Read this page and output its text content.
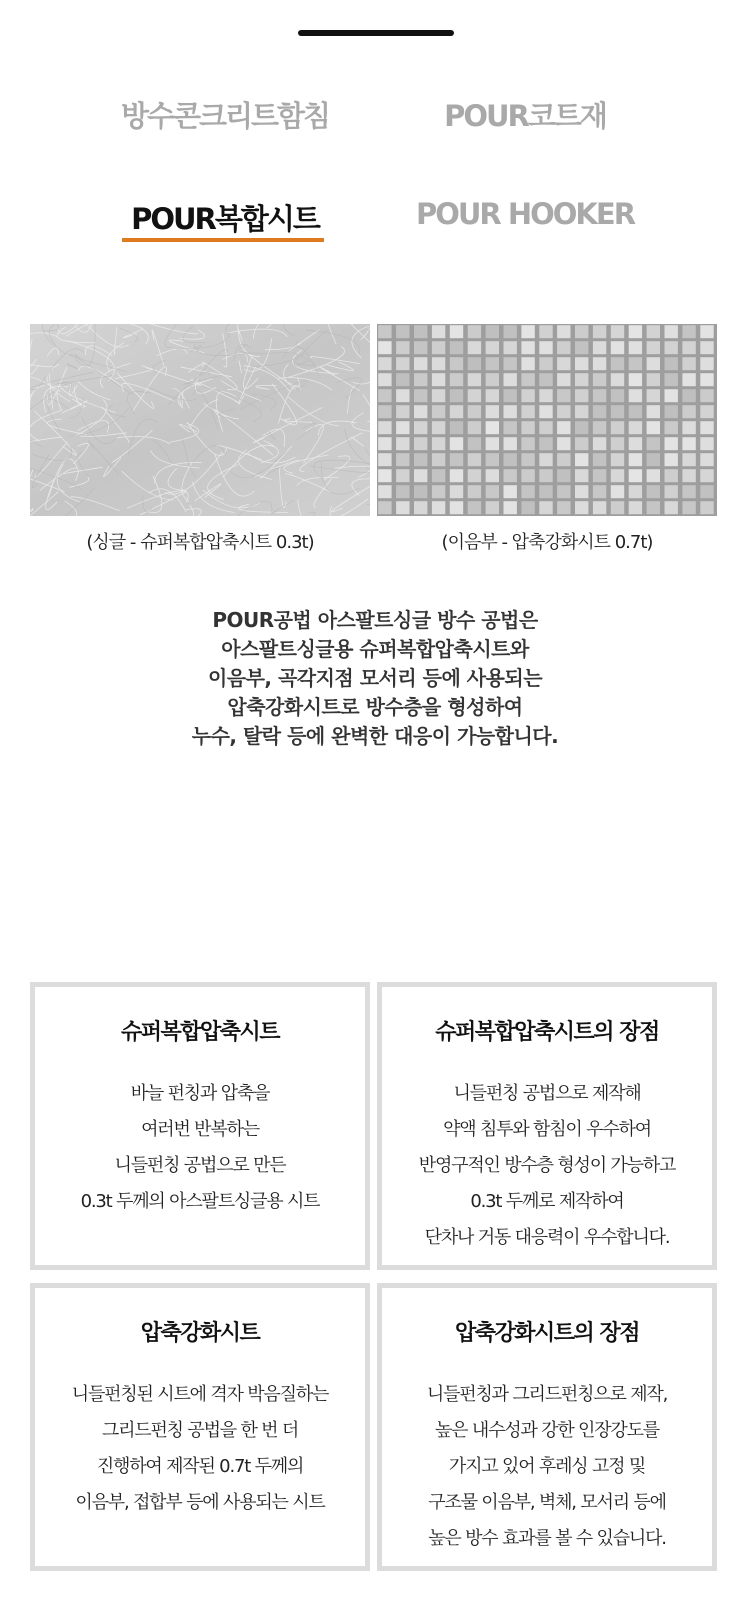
방수콘크리트함침	POUR코트재
POUR복합시트	POUR HOOKER
(싱글 - 슈퍼복합압축시트 0.3t)	(이음부 - 압축강화시트 0.7t)
POUR공법 아스팔트싱글 방수 공법은
아스팔트싱글용 슈퍼복합압축시트와
이음부, 곡각지점 모서리 등에 사용되는
압축강화시트로 방수층을 형성하여
누수, 탈락 등에 완벽한 대응이 가능합니다.
슈퍼복합압축시트
바늘 펀칭과 압축을
여러번 반복하는
니들펀칭 공법으로 만든
0.3t 두께의 아스팔트싱글용 시트
슈퍼복합압축시트의 장점
니들펀칭 공법으로 제작해
약액 침투와 함침이 우수하여
반영구적인 방수층 형성이 가능하고
0.3t 두께로 제작하여
단차나 거동 대응력이 우수합니다.
압축강화시트
니들펀칭된 시트에 격자 박음질하는
그리드펀칭 공법을 한 번 더
진행하여 제작된 0.7t 두께의
이음부, 접합부 등에 사용되는 시트
압축강화시트의 장점
니들펀칭과 그리드펀칭으로 제작,
높은 내수성과 강한 인장강도를
가지고 있어 후레싱 고정 및
구조물 이음부, 벽체, 모서리 등에
높은 방수 효과를 볼 수 있습니다.
